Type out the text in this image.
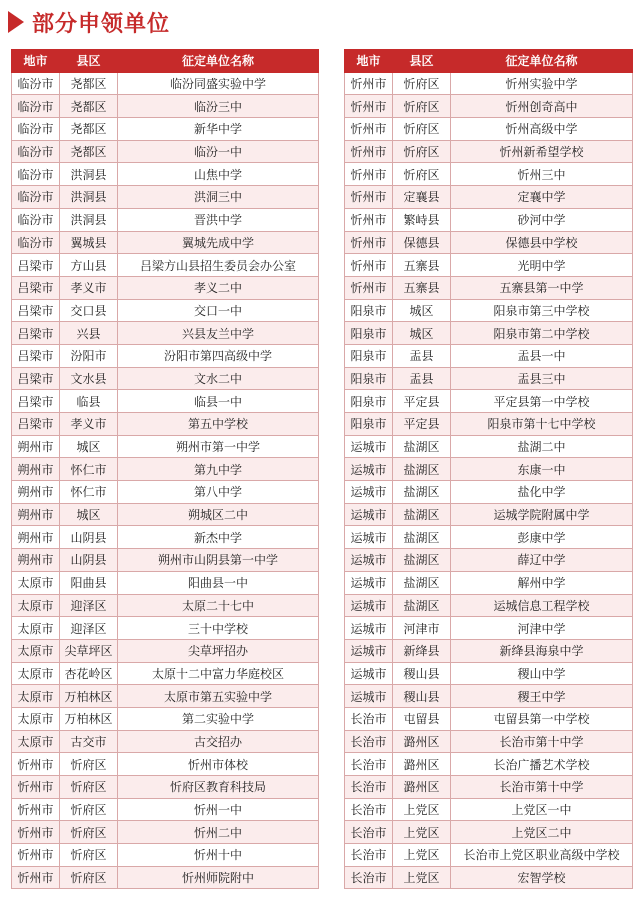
部分申领单位
地市	县区	征定单位名称
临汾市	尧都区	临汾同盛实验中学
临汾市	尧都区	临汾三中
临汾市	尧都区	新华中学
临汾市	尧都区	临汾一中
临汾市	洪洞县	山焦中学
临汾市	洪洞县	洪洞三中
临汾市	洪洞县	晋洪中学
临汾市	翼城县	翼城先成中学
吕梁市	方山县	吕梁方山县招生委员会办公室
吕梁市	孝义市	孝义二中
吕梁市	交口县	交口一中
吕梁市	兴县	兴县友兰中学
吕梁市	汾阳市	汾阳市第四高级中学
吕梁市	文水县	文水二中
吕梁市	临县	临县一中
吕梁市	孝义市	第五中学校
朔州市	城区	朔州市第一中学
朔州市	怀仁市	第九中学
朔州市	怀仁市	第八中学
朔州市	城区	朔城区二中
朔州市	山阴县	新杰中学
朔州市	山阴县	朔州市山阴县第一中学
太原市	阳曲县	阳曲县一中
太原市	迎泽区	太原二十七中
太原市	迎泽区	三十中学校
太原市	尖草坪区	尖草坪招办
太原市	杏花岭区	太原十二中富力华庭校区
太原市	万柏林区	太原市第五实验中学
太原市	万柏林区	第二实验中学
太原市	古交市	古交招办
忻州市	忻府区	忻州市体校
忻州市	忻府区	忻府区教育科技局
忻州市	忻府区	忻州一中
忻州市	忻府区	忻州二中
忻州市	忻府区	忻州十中
忻州市	忻府区	忻州师院附中
地市	县区	征定单位名称
忻州市	忻府区	忻州实验中学
忻州市	忻府区	忻州创奇高中
忻州市	忻府区	忻州高级中学
忻州市	忻府区	忻州新希望学校
忻州市	忻府区	忻州三中
忻州市	定襄县	定襄中学
忻州市	繁峙县	砂河中学
忻州市	保德县	保德县中学校
忻州市	五寨县	光明中学
忻州市	五寨县	五寨县第一中学
阳泉市	城区	阳泉市第三中学校
阳泉市	城区	阳泉市第二中学校
阳泉市	盂县	盂县一中
阳泉市	盂县	盂县三中
阳泉市	平定县	平定县第一中学校
阳泉市	平定县	阳泉市第十七中学校
运城市	盐湖区	盐湖二中
运城市	盐湖区	东康一中
运城市	盐湖区	盐化中学
运城市	盐湖区	运城学院附属中学
运城市	盐湖区	彭康中学
运城市	盐湖区	薛辽中学
运城市	盐湖区	解州中学
运城市	盐湖区	运城信息工程学校
运城市	河津市	河津中学
运城市	新绛县	新绛县海泉中学
运城市	稷山县	稷山中学
运城市	稷山县	稷王中学
长治市	屯留县	屯留县第一中学校
长治市	潞州区	长治市第十中学
长治市	潞州区	长治广播艺术学校
长治市	潞州区	长治市第十中学
长治市	上党区	上党区一中
长治市	上党区	上党区二中
长治市	上党区	长治市上党区职业高级中学校
长治市	上党区	宏智学校
